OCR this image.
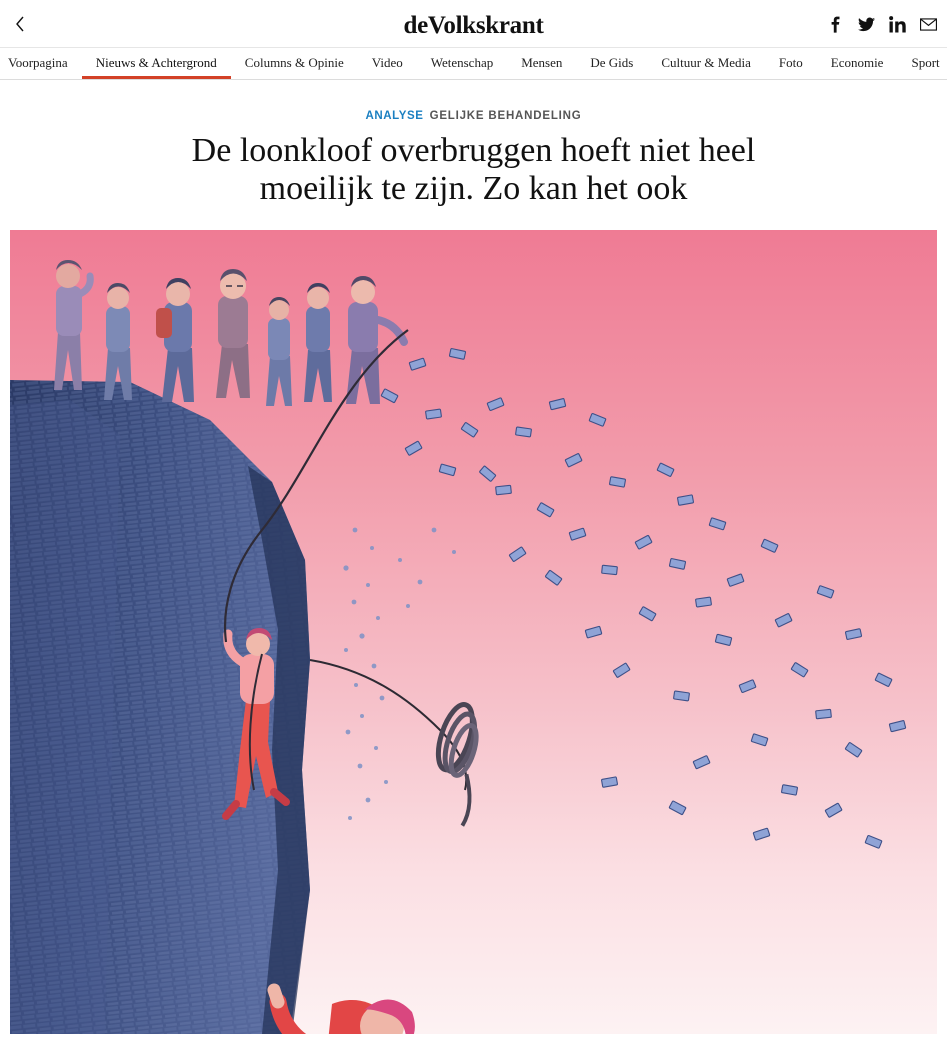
deVolkskrant
Voorpagina Nieuws & Achtergrond Columns & Opinie Video Wetenschap Mensen De Gids Cultuur & Media Foto Economie Sport
ANALYSE GELIJKE BEHANDELING
De loonkloof overbruggen hoeft niet heel moeilijk te zijn. Zo kan het ook
